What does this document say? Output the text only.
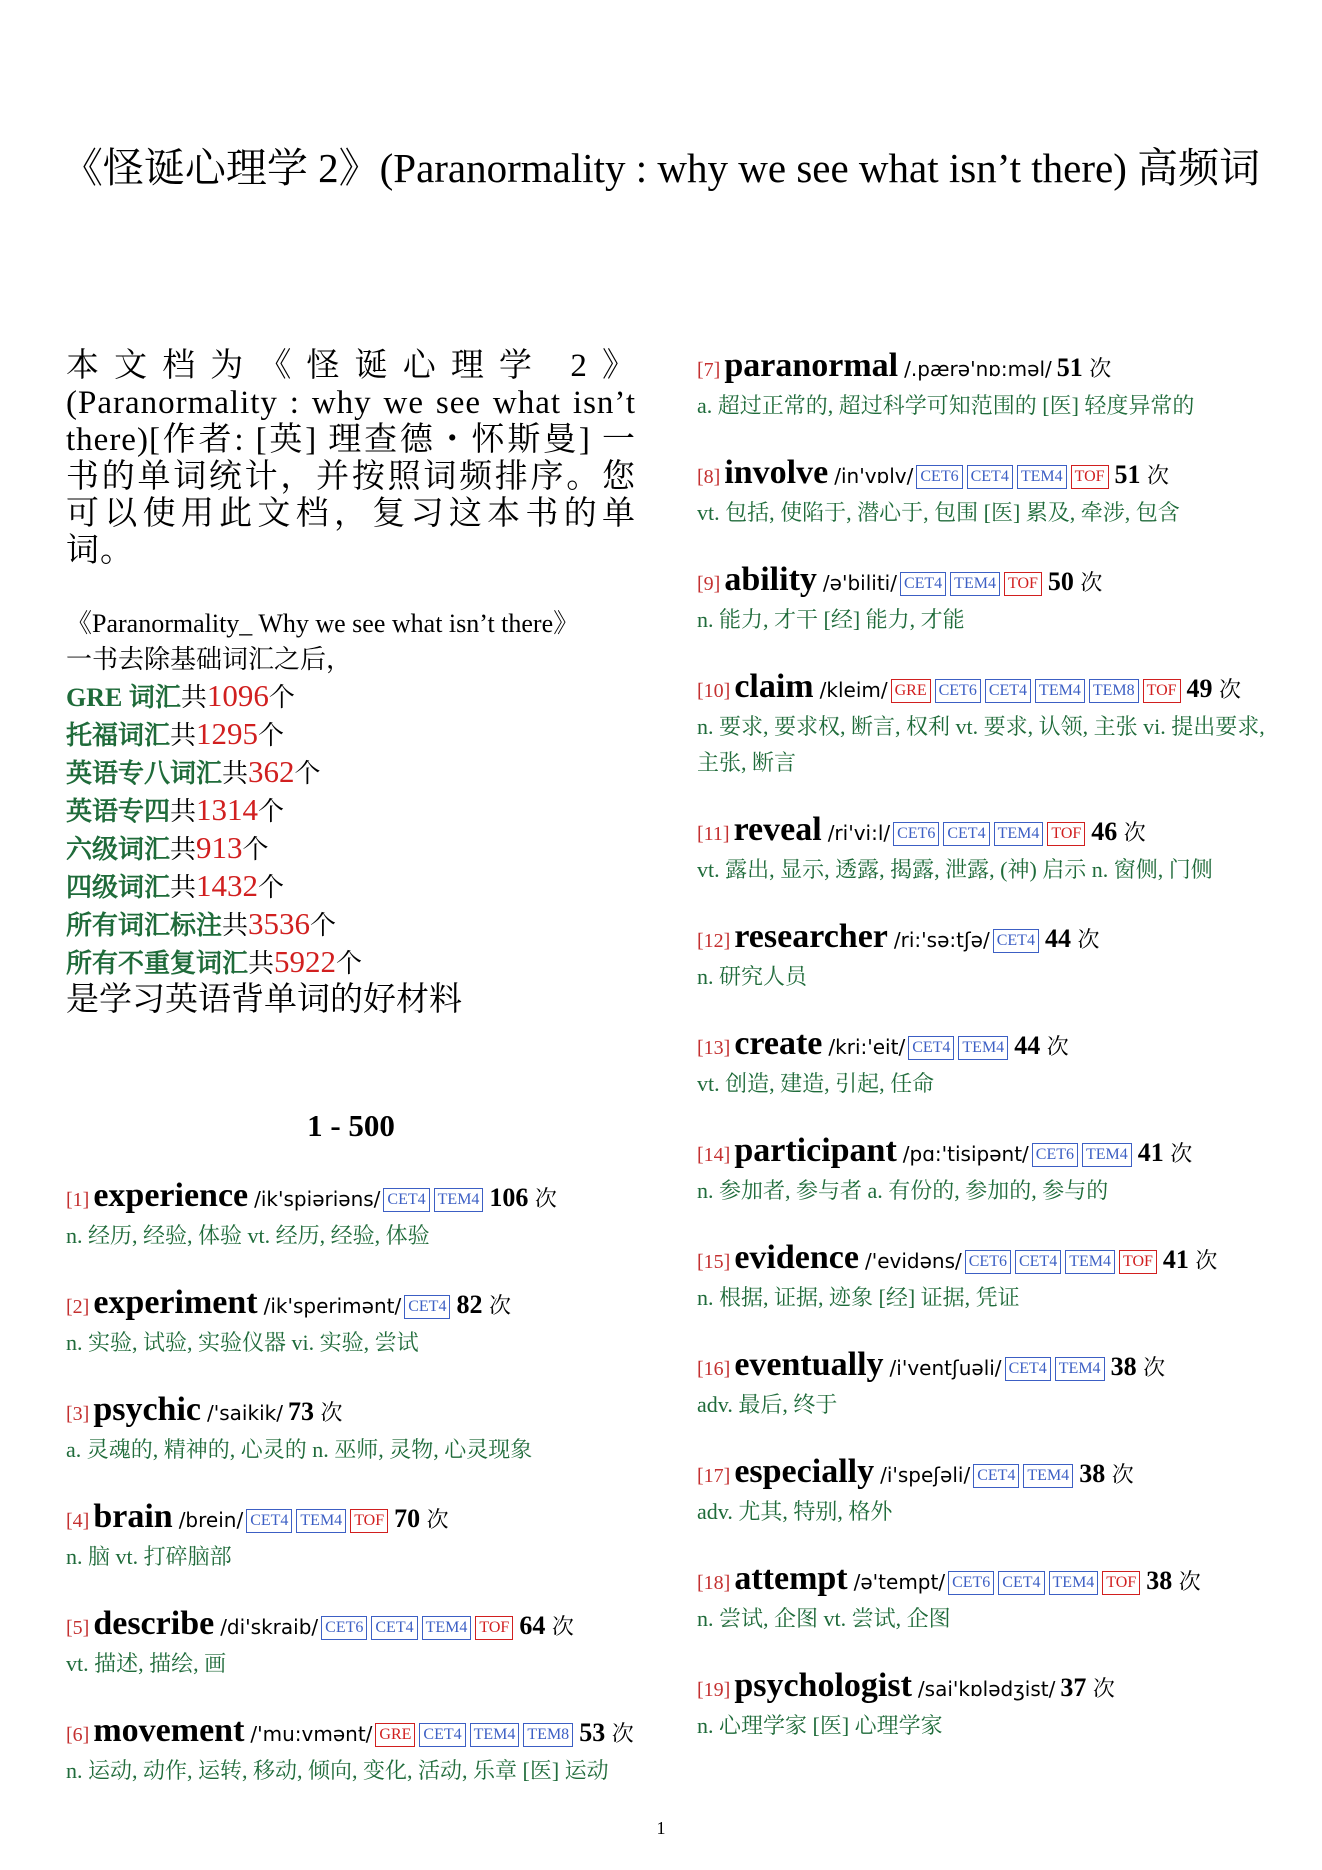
《怪诞心理学 2》(Paranormality : why we see what isn’t there) 高频词
本文档为《怪诞心理学 2》(Paranormality : why we see what isn’t there)[作者: [英] 理查德・怀斯曼] 一书的单词统计，并按照词频排序。您可以使用此文档，复习这本书的单词。
《Paranormality_ Why we see what isn’t there》
一书去除基础词汇之后，
GRE 词汇共1096个
托福词汇共1295个
英语专八词汇共362个
英语专四共1314个
六级词汇共913个
四级词汇共1432个
所有词汇标注共3536个
所有不重复词汇共5922个
是学习英语背单词的好材料
1 - 500
[1] experience /ik'spiəriəns/ CET4 TEM4 106 次
n. 经历, 经验, 体验 vt. 经历, 经验, 体验
[2] experiment /ik'sperimənt/ CET4 82 次
n. 实验, 试验, 实验仪器 vi. 实验, 尝试
[3] psychic /'saikik/ 73 次
a. 灵魂的, 精神的, 心灵的 n. 巫师, 灵物, 心灵现象
[4] brain /brein/ CET4 TEM4 TOF 70 次
n. 脑 vt. 打碎脑部
[5] describe /di'skraib/ CET6 CET4 TEM4 TOF 64 次
vt. 描述, 描绘, 画
[6] movement /'mu:vmənt/ GRE CET4 TEM4 TEM8 53 次
n. 运动, 动作, 运转, 移动, 倾向, 变化, 活动, 乐章 [医] 运动
[7] paranormal /.pærə'nɒ:məl/ 51 次
a. 超过正常的, 超过科学可知范围的 [医] 轻度异常的
[8] involve /in'vɒlv/ CET6 CET4 TEM4 TOF 51 次
vt. 包括, 使陷于, 潜心于, 包围 [医] 累及, 牵涉, 包含
[9] ability /ə'biliti/ CET4 TEM4 TOF 50 次
n. 能力, 才干 [经] 能力, 才能
[10] claim /kleim/ GRE CET6 CET4 TEM4 TEM8 TOF 49 次
n. 要求, 要求权, 断言, 权利 vt. 要求, 认领, 主张 vi. 提出要求, 主张, 断言
[11] reveal /ri'vi:l/ CET6 CET4 TEM4 TOF 46 次
vt. 露出, 显示, 透露, 揭露, 泄露, (神) 启示 n. 窗侧, 门侧
[12] researcher /ri:'sə:tʃə/ CET4 44 次
n. 研究人员
[13] create /kri:'eit/ CET4 TEM4 44 次
vt. 创造, 建造, 引起, 任命
[14] participant /pɑ:'tisipənt/ CET6 TEM4 41 次
n. 参加者, 参与者 a. 有份的, 参加的, 参与的
[15] evidence /'evidəns/ CET6 CET4 TEM4 TOF 41 次
n. 根据, 证据, 迹象 [经] 证据, 凭证
[16] eventually /i'ventʃuəli/ CET4 TEM4 38 次
adv. 最后, 终于
[17] especially /i'speʃəli/ CET4 TEM4 38 次
adv. 尤其, 特别, 格外
[18] attempt /ə'tempt/ CET6 CET4 TEM4 TOF 38 次
n. 尝试, 企图 vt. 尝试, 企图
[19] psychologist /sai'kɒlədʒist/ 37 次
n. 心理学家 [医] 心理学家
1
